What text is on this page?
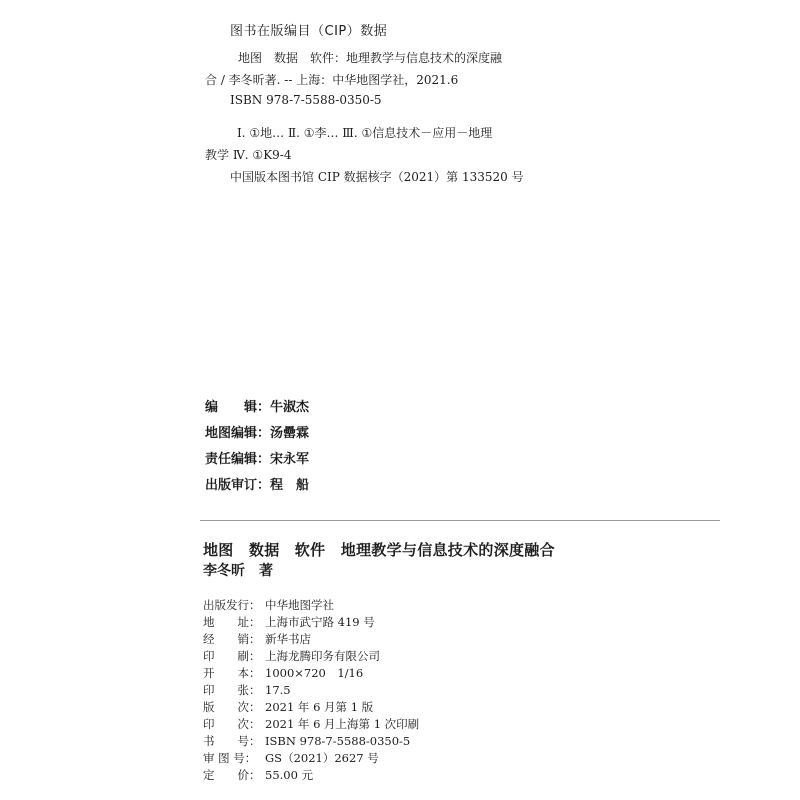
图书在版编目（CIP）数据
地图　数据　软件：地理教学与信息技术的深度融
合 / 李冬昕著. -- 上海：中华地图学社，2021.6
ISBN 978-7-5588-0350-5
Ⅰ. ①地… Ⅱ. ①李… Ⅲ. ①信息技术－应用－地理
教学 Ⅳ. ①K9-4
中国版本图书馆 CIP 数据核字（2021）第 133520 号
编　　辑：牛淑杰
地图编辑：汤罍霖
责任编辑：宋永军
出版审订：程　船
地图　数据　软件　地理教学与信息技术的深度融合
李冬昕　著
出版发行： 中华地图学社
地　　址： 上海市武宁路 419 号
经　　销： 新华书店
印　　刷： 上海龙腾印务有限公司
开　　本： 1000×720　1/16
印　　张： 17.5
版　　次： 2021 年 6 月第 1 版
印　　次： 2021 年 6 月上海第 1 次印刷
书　　号： ISBN 978-7-5588-0350-5
审 图 号： GS（2021）2627 号
定　　价： 55.00 元
